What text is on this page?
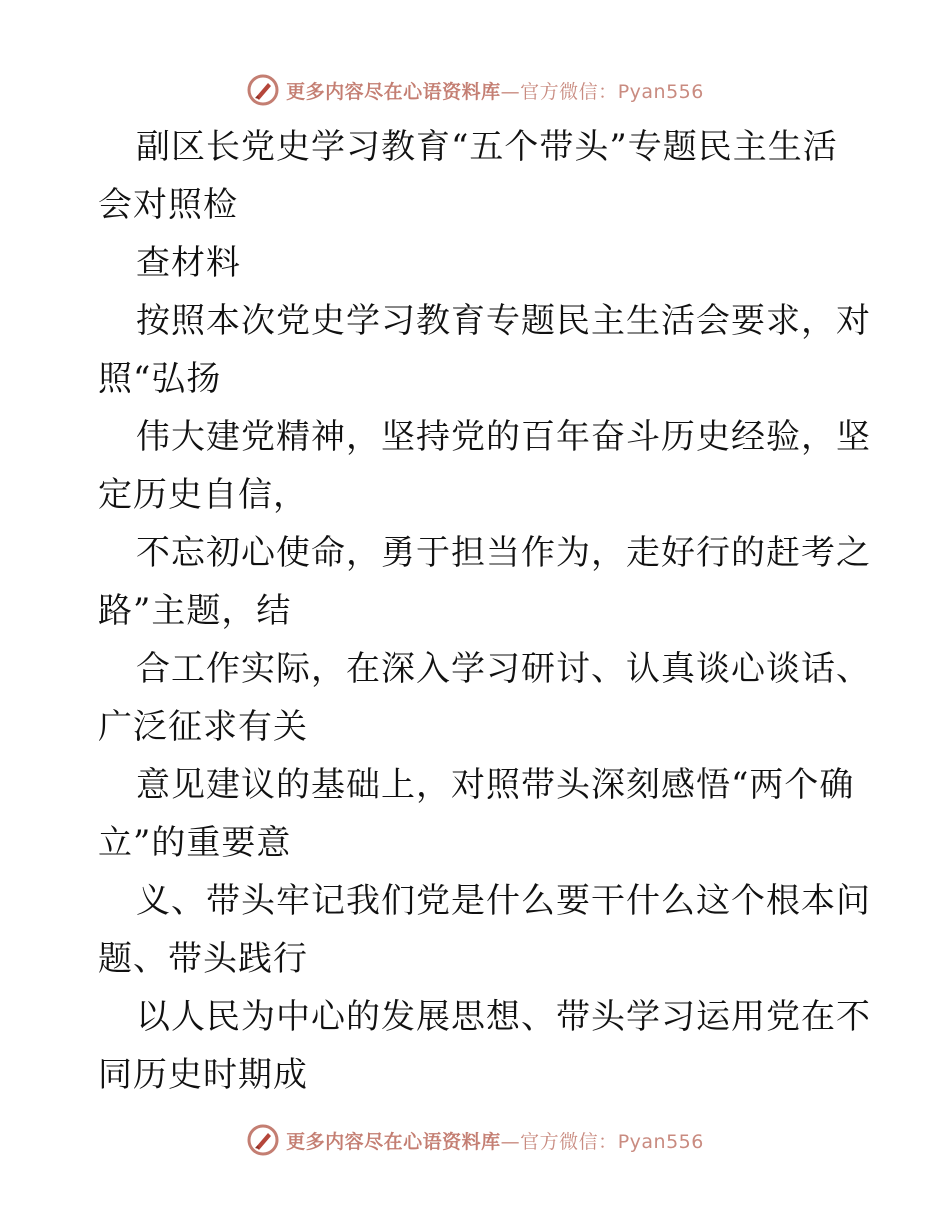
更多内容尽在心语资料库—官方微信：Pyan556
副区长党史学习教育“五个带头”专题民主生活
会对照检
查材料
按照本次党史学习教育专题民主生活会要求，对
照“弘扬
伟大建党精神，坚持党的百年奋斗历史经验，坚
定历史自信，
不忘初心使命，勇于担当作为，走好行的赶考之
路”主题，结
合工作实际，在深入学习研讨、认真谈心谈话、
广泛征求有关
意见建议的基础上，对照带头深刻感悟“两个确
立”的重要意
义、带头牢记我们党是什么要干什么这个根本问
题、带头践行
以人民为中心的发展思想、带头学习运用党在不
同历史时期成
更多内容尽在心语资料库—官方微信：Pyan556
